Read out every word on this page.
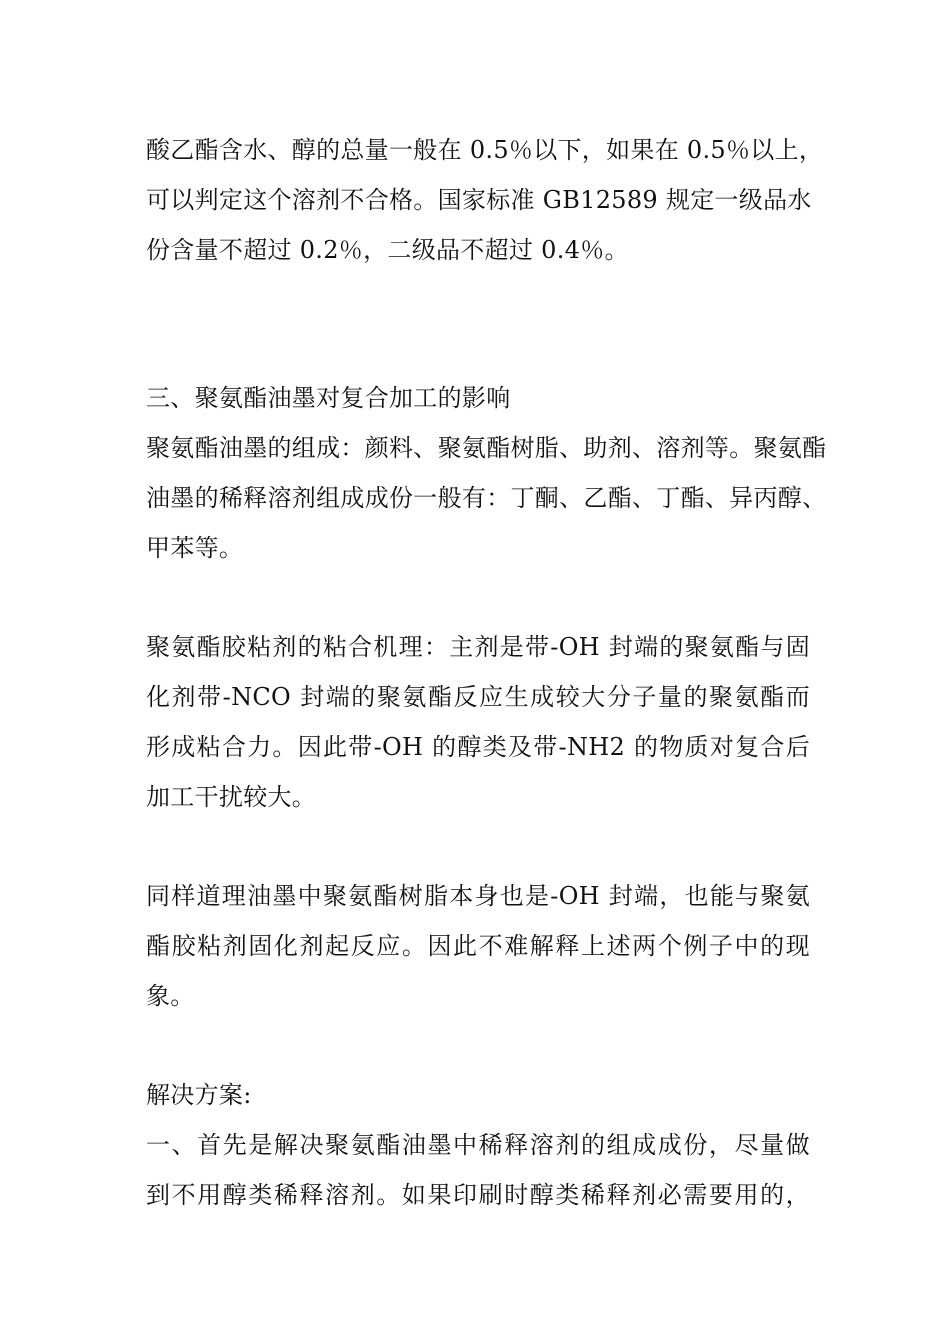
酸乙酯含水、醇的总量一般在 0.5％以下，如果在 0.5％以上，
可以判定这个溶剂不合格。国家标准 GB12589 规定一级品水
份含量不超过 0.2％，二级品不超过 0.4％。
三、聚氨酯油墨对复合加工的影响
聚氨酯油墨的组成：颜料、聚氨酯树脂、助剂、溶剂等。聚氨酯
油墨的稀释溶剂组成成份一般有：丁酮、乙酯、丁酯、异丙醇、
甲苯等。
聚氨酯胶粘剂的粘合机理：主剂是带-OH 封端的聚氨酯与固
化剂带-NCO 封端的聚氨酯反应生成较大分子量的聚氨酯而
形成粘合力。因此带-OH 的醇类及带-NH2 的物质对复合后
加工干扰较大。
同样道理油墨中聚氨酯树脂本身也是-OH 封端，也能与聚氨
酯胶粘剂固化剂起反应。因此不难解释上述两个例子中的现
象。
解决方案:
一、首先是解决聚氨酯油墨中稀释溶剂的组成成份，尽量做
到不用醇类稀释溶剂。如果印刷时醇类稀释剂必需要用的，
